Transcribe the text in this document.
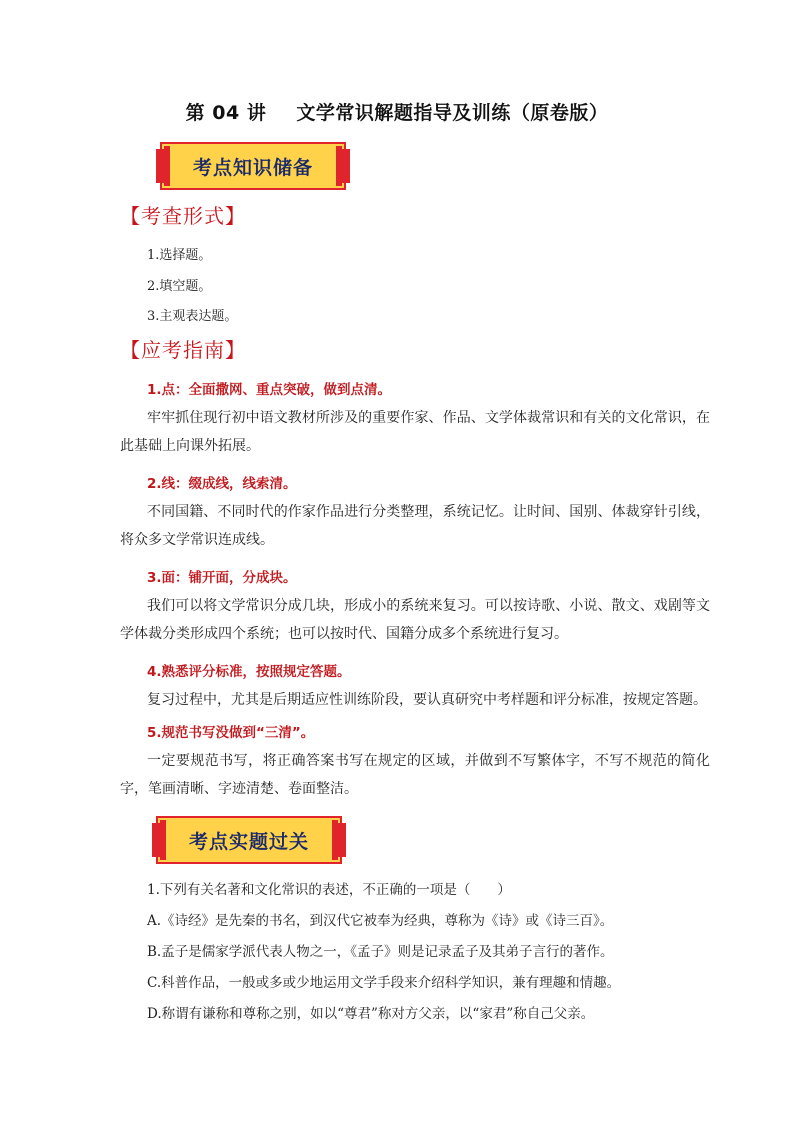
第 04 讲 文学常识解题指导及训练（原卷版）
考点知识储备
【考查形式】
1.选择题。
2.填空题。
3.主观表达题。
【应考指南】
1.点：全面撒网、重点突破，做到点清。
牢牢抓住现行初中语文教材所涉及的重要作家、作品、文学体裁常识和有关的文化常识，在此基础上向课外拓展。
2.线：缀成线，线索清。
不同国籍、不同时代的作家作品进行分类整理，系统记忆。让时间、国别、体裁穿针引线，将众多文学常识连成线。
3.面：铺开面，分成块。
我们可以将文学常识分成几块，形成小的系统来复习。可以按诗歌、小说、散文、戏剧等文学体裁分类形成四个系统；也可以按时代、国籍分成多个系统进行复习。
4.熟悉评分标准，按照规定答题。
复习过程中，尤其是后期适应性训练阶段，要认真研究中考样题和评分标准，按规定答题。
5.规范书写没做到“三清”。
一定要规范书写，将正确答案书写在规定的区域，并做到不写繁体字，不写不规范的简化字，笔画清晰、字迹清楚、卷面整洁。
考点实题过关
1.下列有关名著和文化常识的表述，不正确的一项是（　　）
A.《诗经》是先秦的书名，到汉代它被奉为经典，尊称为《诗》或《诗三百》。
B.孟子是儒家学派代表人物之一，《孟子》则是记录孟子及其弟子言行的著作。
C.科普作品，一般或多或少地运用文学手段来介绍科学知识，兼有理趣和情趣。
D.称谓有谦称和尊称之别，如以“尊君”称对方父亲，以“家君”称自己父亲。
